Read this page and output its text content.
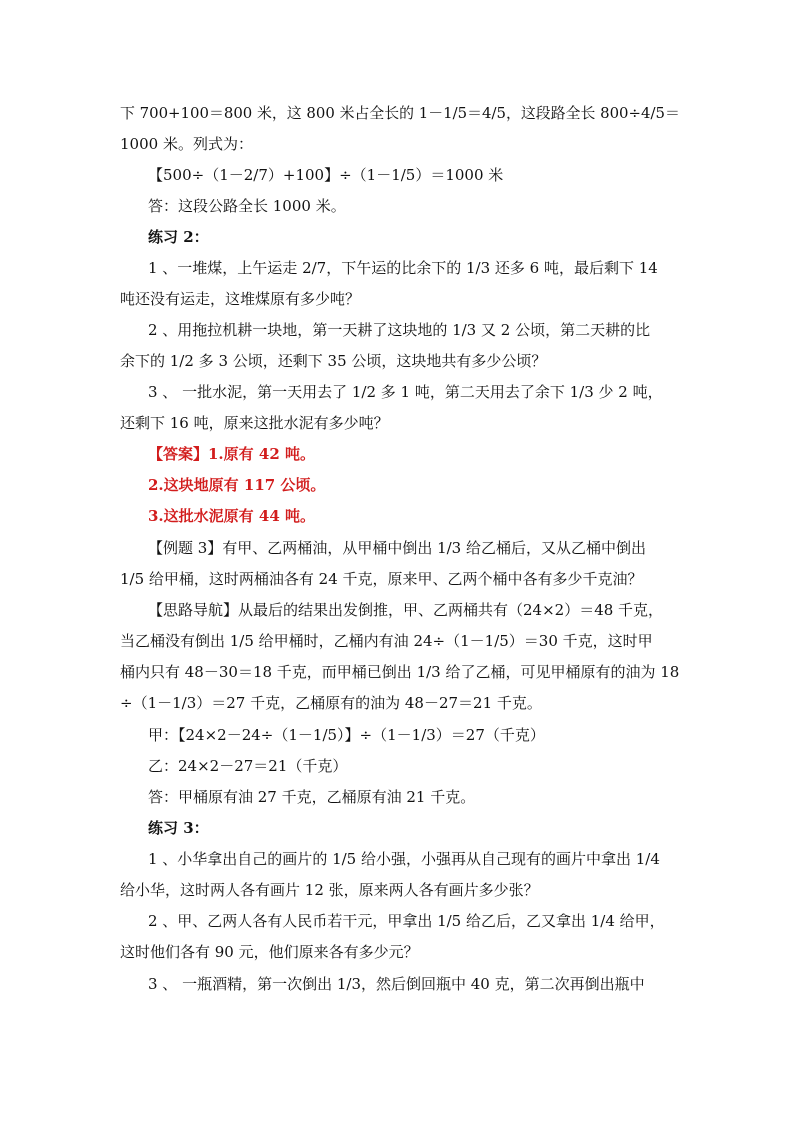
下 700+100＝800 米，这 800 米占全长的 1－1/5＝4/5，这段路全长 800÷4/5＝
1000 米。列式为：
【500÷（1－2/7）+100】÷（1－1/5）＝1000 米
答：这段公路全长 1000 米。
练习 2：
1 、一堆煤，上午运走 2/7，下午运的比余下的 1/3 还多 6 吨，最后剩下 14
吨还没有运走，这堆煤原有多少吨？
2 、用拖拉机耕一块地，第一天耕了这块地的 1/3 又 2 公顷，第二天耕的比
余下的 1/2 多 3 公顷，还剩下 35 公顷，这块地共有多少公顷？
3 、 一批水泥，第一天用去了 1/2 多 1 吨，第二天用去了余下 1/3 少 2 吨，
还剩下 16 吨，原来这批水泥有多少吨？
【答案】1.原有 42 吨。
2.这块地原有 117 公顷。
3.这批水泥原有 44 吨。
【例题 3】有甲、乙两桶油，从甲桶中倒出 1/3 给乙桶后，又从乙桶中倒出
1/5 给甲桶，这时两桶油各有 24 千克，原来甲、乙两个桶中各有多少千克油？
【思路导航】从最后的结果出发倒推，甲、乙两桶共有（24×2）＝48 千克，
当乙桶没有倒出 1/5 给甲桶时，乙桶内有油 24÷（1－1/5）＝30 千克，这时甲
桶内只有 48－30＝18 千克，而甲桶已倒出 1/3 给了乙桶，可见甲桶原有的油为 18
÷（1－1/3）＝27 千克，乙桶原有的油为 48－27＝21 千克。
甲：【24×2－24÷（1－1/5）】÷（1－1/3）＝27（千克）
乙：24×2－27＝21（千克）
答：甲桶原有油 27 千克，乙桶原有油 21 千克。
练习 3：
1 、小华拿出自己的画片的 1/5 给小强，小强再从自己现有的画片中拿出 1/4
给小华，这时两人各有画片 12 张，原来两人各有画片多少张？
2 、甲、乙两人各有人民币若干元，甲拿出 1/5 给乙后，乙又拿出 1/4 给甲，
这时他们各有 90 元，他们原来各有多少元？
3 、 一瓶酒精，第一次倒出 1/3，然后倒回瓶中 40 克，第二次再倒出瓶中
